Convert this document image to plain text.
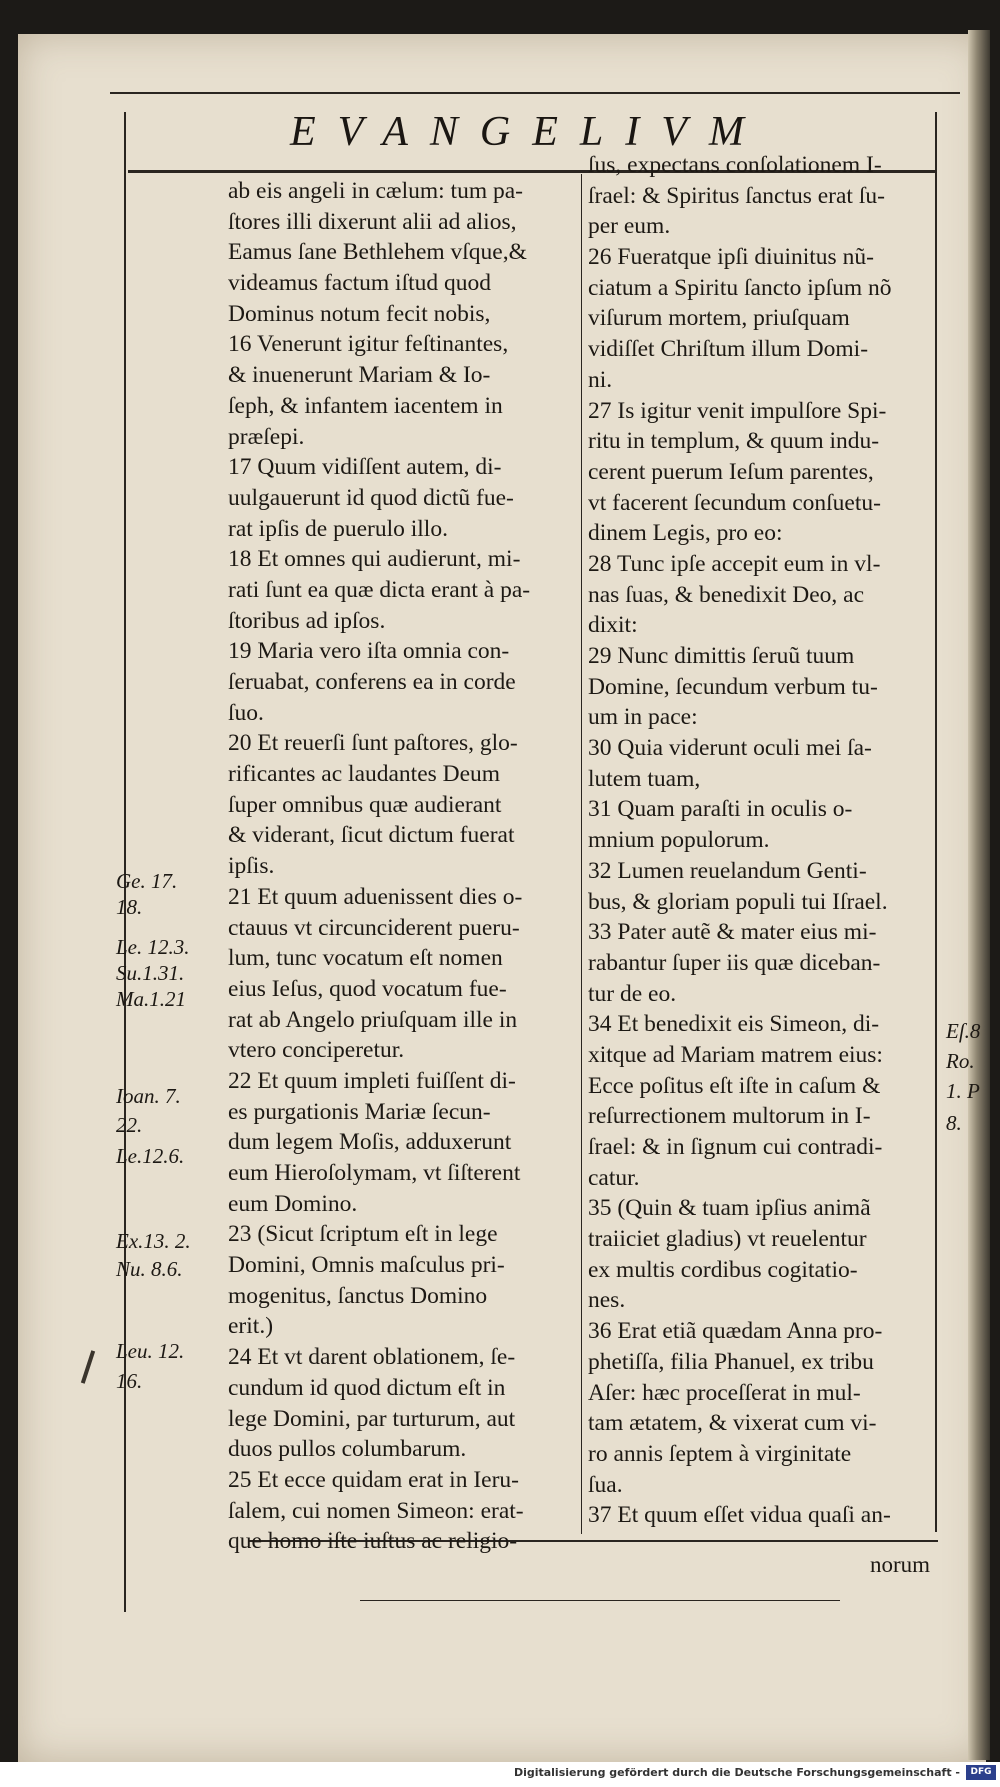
EVANGELIVM
ab eis angeli in cælum: tum pa-
ſtores illi dixerunt alii ad alios,
Eamus ſane Bethlehem vſque,&
videamus factum iſtud quod
Dominus notum fecit nobis,
16 Venerunt igitur feſtinantes,
& inuenerunt Mariam & Io-
ſeph, & infantem iacentem in
præſepi.
17 Quum vidiſſent autem, di-
uulgauerunt id quod dictũ fue-
rat ipſis de puerulo illo.
18 Et omnes qui audierunt, mi-
rati ſunt ea quæ dicta erant à pa-
ſtoribus ad ipſos.
19 Maria vero iſta omnia con-
ſeruabat, conferens ea in corde
ſuo.
20 Et reuerſi ſunt paſtores, glo-
rificantes ac laudantes Deum
ſuper omnibus quæ audierant
& viderant, ſicut dictum fuerat
ipſis.
21 Et quum aduenissent dies o-
ctauus vt circunciderent pueru-
lum, tunc vocatum eſt nomen
eius Ieſus, quod vocatum fue-
rat ab Angelo priuſquam ille in
vtero conciperetur.
22 Et quum impleti fuiſſent di-
es purgationis Mariæ ſecun-
dum legem Moſis, adduxerunt
eum Hieroſolymam, vt ſiſterent
eum Domino.
23 (Sicut ſcriptum eſt in lege
Domini, Omnis maſculus pri-
mogenitus, ſanctus Domino
erit.)
24 Et vt darent oblationem, ſe-
cundum id quod dictum eſt in
lege Domini, par turturum, aut
duos pullos columbarum.
25 Et ecce quidam erat in Ieru-
ſalem, cui nomen Simeon: erat-
que homo iſte iuſtus ac religio-
ſus, expectans conſolationem I-
ſrael: & Spiritus ſanctus erat ſu-
per eum.
26 Fueratque ipſi diuinitus nũ-
ciatum a Spiritu ſancto ipſum nõ
viſurum mortem, priuſquam
vidiſſet Chriſtum illum Domi-
ni.
27 Is igitur venit impulſore Spi-
ritu in templum, & quum indu-
cerent puerum Ieſum parentes,
vt facerent ſecundum conſuetu-
dinem Legis, pro eo:
28 Tunc ipſe accepit eum in vl-
nas ſuas, & benedixit Deo, ac
dixit:
29 Nunc dimittis ſeruũ tuum
Domine, ſecundum verbum tu-
um in pace:
30 Quia viderunt oculi mei ſa-
lutem tuam,
31 Quam paraſti in oculis o-
mnium populorum.
32 Lumen reuelandum Genti-
bus, & gloriam populi tui Iſrael.
33 Pater autẽ & mater eius mi-
rabantur ſuper iis quæ diceban-
tur de eo.
34 Et benedixit eis Simeon, di-
xitque ad Mariam matrem eius:
Ecce poſitus eſt iſte in caſum &
reſurrectionem multorum in I-
ſrael: & in ſignum cui contradi-
catur.
35 (Quin & tuam ipſius animã
traiiciet gladius) vt reuelentur
ex multis cordibus cogitatio-
nes.
36 Erat etiã quædam Anna pro-
phetiſſa, filia Phanuel, ex tribu
Aſer: hæc proceſſerat in mul-
tam ætatem, & vixerat cum vi-
ro annis ſeptem à virginitate
ſua.
37 Et quum eſſet vidua quaſi an-
Ge. 17.
18.
Le. 12.3.
Su.1.31.
Ma.1.21
Ioan. 7.
22.
Le.12.6.
Ex.13. 2.
Nu. 8.6.
Leu. 12.
16.
Eſ.8
Ro.
1. P
8.
norum
Digitalisierung gefördert durch die Deutsche Forschungsgemeinschaft -	DFG
